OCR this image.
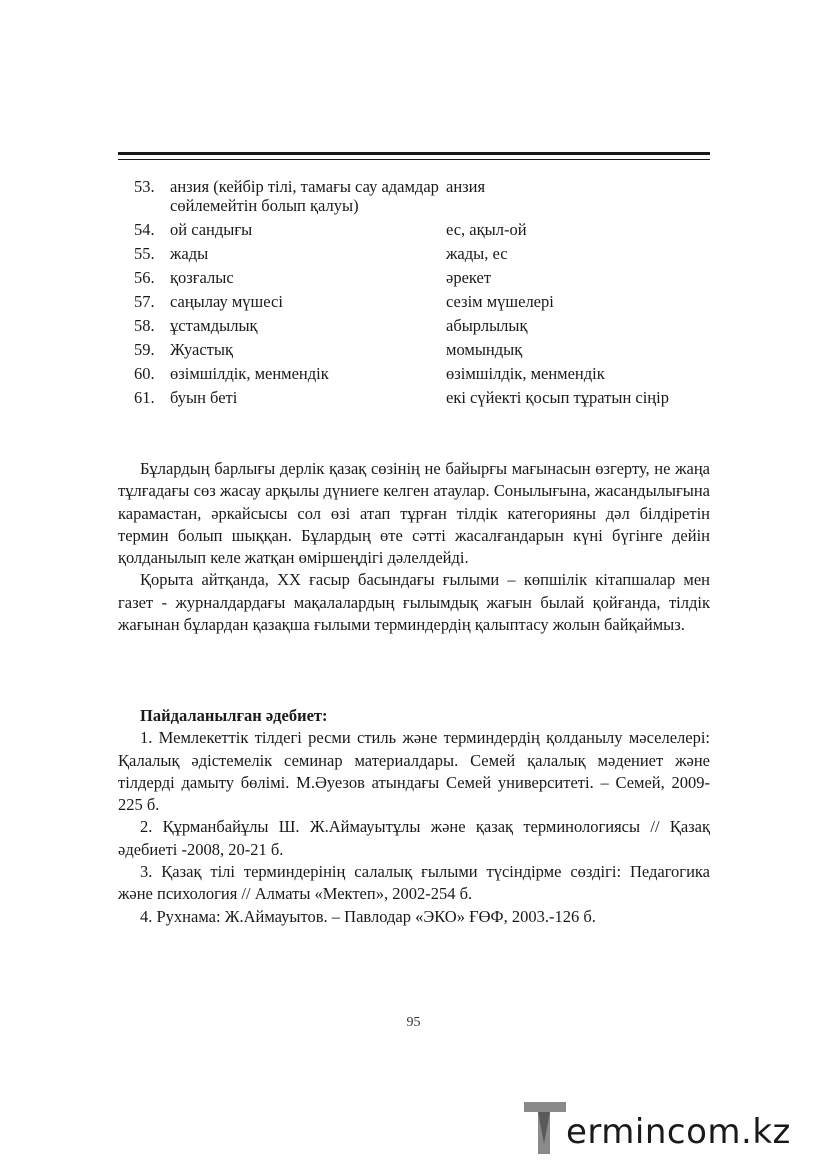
53.	анзия (кейбір тілі, тамағы сау адамдар сөйлемейтін болып қалуы)	анзия
54.	ой сандығы	ес, ақыл-ой
55.	жады	жады, ес
56.	қозғалыс	әрекет
57.	саңылау мүшесі	сезім мүшелері
58.	ұстамдылық	абырлылық
59.	Жуастық	момындық
60.	өзімшілдік, менмендік	өзімшілдік, менмендік
61.	буын беті	екі сүйекті қосып тұратын сіңір

Бұлардың барлығы дерлік қазақ сөзінің не байырғы мағынасын өзгерту, не жаңа тұлғадағы сөз жасау арқылы дүниеге келген атаулар. Сонылығына, жасандылығына карамастан, әркайсысы сол өзі атап тұрған тілдік категорияны дәл білдіретін термин болып шыққан. Бұлардың өте сәтті жасалғандарын күні бүгінге дейін қолданылып келе жатқан өміршеңдігі дәлелдейді.

Қорыта айтқанда, ХХ ғасыр басындағы ғылыми – көпшілік кітапшалар мен газет - журналдардағы мақалалардың ғылымдық жағын былай қойғанда, тілдік жағынан бұлардан қазақша ғылыми терминдердің қалыптасу жолын байқаймыз.

Пайдаланылған әдебиет:

1. Мемлекеттік тілдегі ресми стиль және терминдердің қолданылу мәселелері: Қалалық әдістемелік семинар материалдары. Семей қалалық мәдениет және тілдерді дамыту бөлімі. М.Әуезов атындағы Семей университеті. – Семей, 2009-225 б.

2. Құрманбайұлы Ш. Ж.Аймауытұлы және қазақ терминологиясы // Қазақ әдебиеті -2008, 20-21 б.

3. Қазақ тілі терминдерінің салалық ғылыми түсіндірме сөздігі: Педагогика және психология // Алматы «Мектеп», 2002-254 б.

4. Рухнама: Ж.Аймауытов. – Павлодар «ЭКО» ҒӨФ, 2003.-126 б.

95
ermincom.kz
